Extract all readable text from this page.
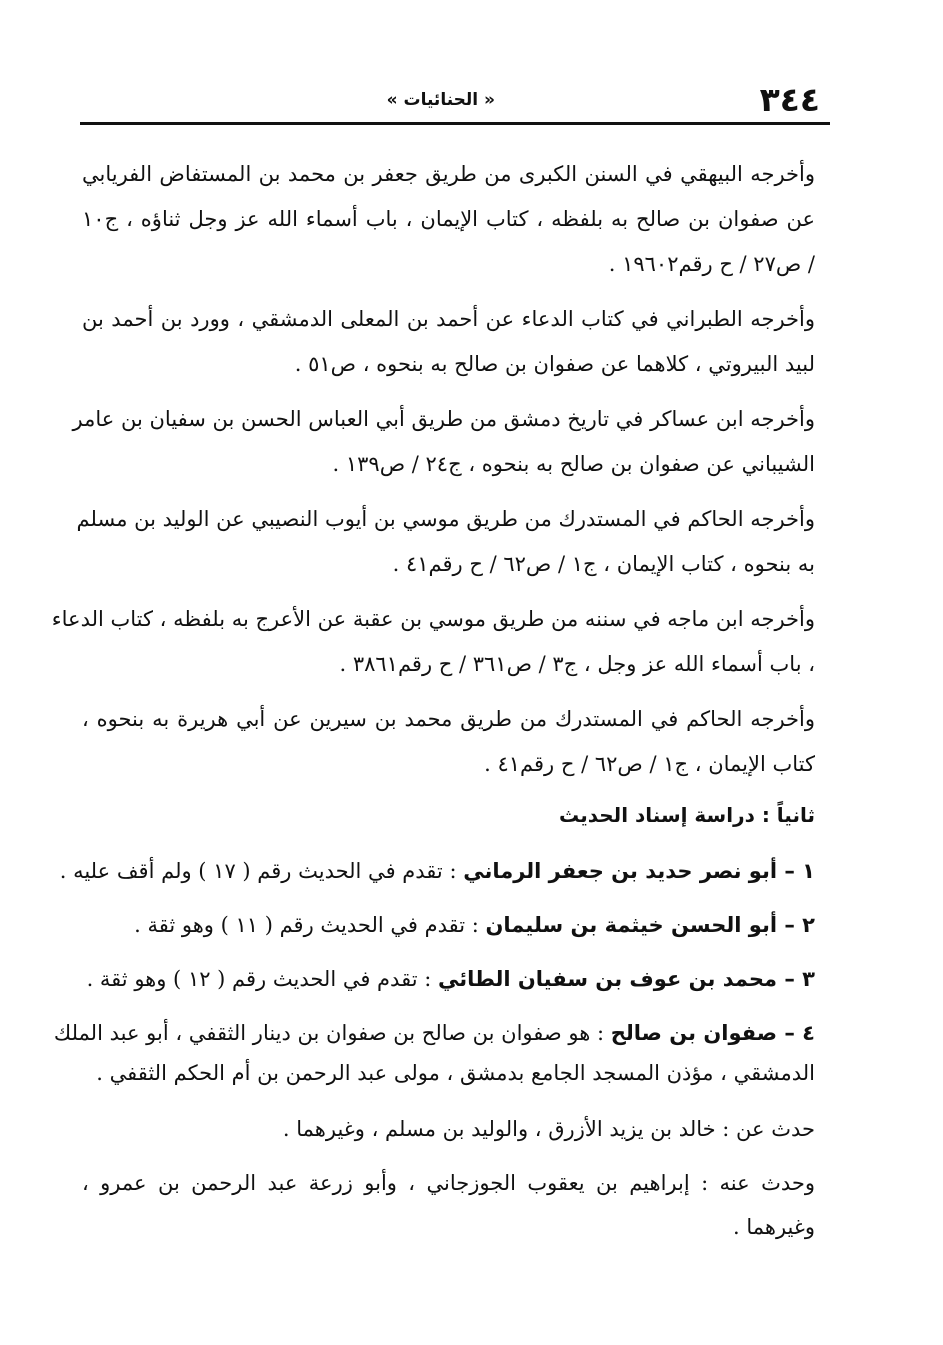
٣٤٤
« الحنائيات »
وأخرجه البيهقي في السنن الكبرى من طريق جعفر بن محمد بن المستفاض الفريابي
عن صفوان بن صالح به بلفظه ، كتاب الإيمان ، باب أسماء الله عز وجل ثناؤه ، ج١٠
/ ص٢٧ / ح رقم١٩٦٠٢ .
وأخرجه الطبراني في كتاب الدعاء عن أحمد بن المعلى الدمشقي ، وورد بن أحمد بن
لبيد البيروتي ، كلاهما عن صفوان بن صالح به بنحوه ، ص٥١ .
وأخرجه ابن عساكر في تاريخ دمشق من طريق أبي العباس الحسن بن سفيان بن عامر
الشيباني عن صفوان بن صالح به بنحوه ، ج٢٤ / ص١٣٩ .
وأخرجه الحاكم في المستدرك من طريق موسي بن أيوب النصيبي عن الوليد بن مسلم
به بنحوه ، كتاب الإيمان ، ج١ / ص٦٢ / ح رقم٤١ .
وأخرجه ابن ماجه في سننه من طريق موسي بن عقبة عن الأعرج به بلفظه ، كتاب الدعاء
، باب أسماء الله عز وجل ، ج٣ / ص٣٦١ / ح رقم٣٨٦١ .
وأخرجه الحاكم في المستدرك من طريق محمد بن سيرين عن أبي هريرة به بنحوه ،
كتاب الإيمان ، ج١ / ص٦٢ / ح رقم٤١ .
ثانياً : دراسة إسناد الحديث
١ – أبو نصر حديد بن جعفر الرماني : تقدم في الحديث رقم ( ١٧ ) ولم أقف عليه .
٢ – أبو الحسن خيثمة بن سليمان : تقدم في الحديث رقم ( ١١ ) وهو ثقة .
٣ – محمد بن عوف بن سفيان الطائي : تقدم في الحديث رقم ( ١٢ ) وهو ثقة .
٤ – صفوان بن صالح : هو صفوان بن صالح بن صفوان بن دينار الثقفي ، أبو عبد الملك
الدمشقي ، مؤذن المسجد الجامع بدمشق ، مولى عبد الرحمن بن أم الحكم الثقفي .
حدث عن : خالد بن يزيد الأزرق ، والوليد بن مسلم ، وغيرهما .
وحدث عنه : إبراهيم بن يعقوب الجوزجاني ، وأبو زرعة عبد الرحمن بن عمرو ،
وغيرهما .
